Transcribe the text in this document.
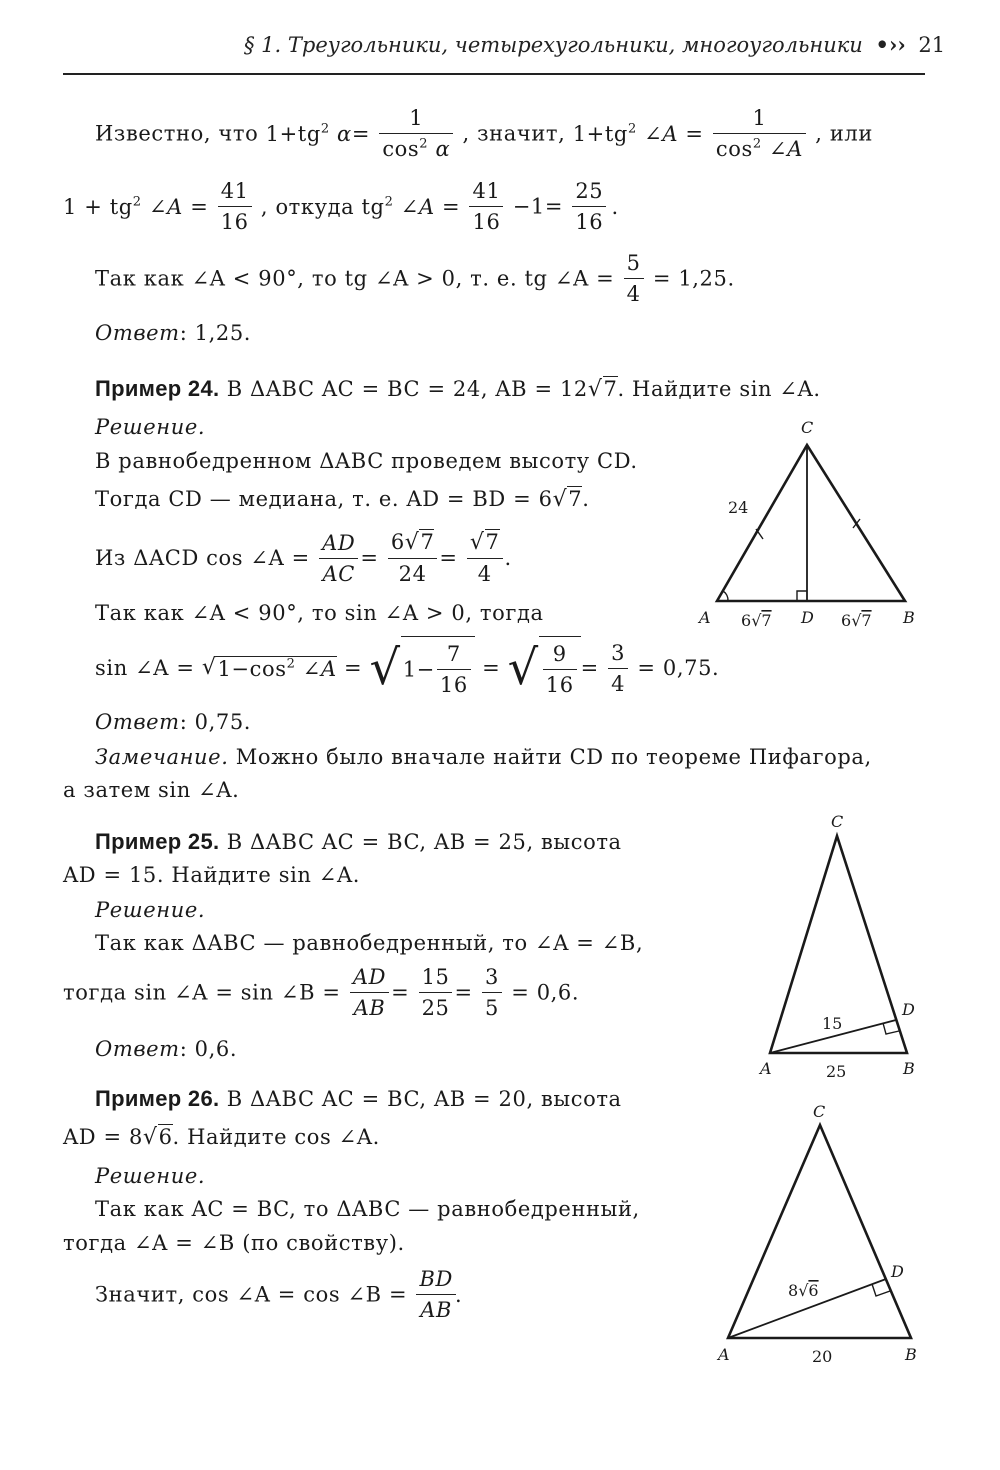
§ 1. Треугольники, четырехугольники, многоугольники •›› 21
Известно, что $1+tg^2$ $\alpha= \frac{1}{\cos^2 \alpha}$ , значит, $1+tg^2$ ∠A = $\frac{1}{\cos^2 \angle A}$ , или
$1 + tg^2$ ∠A = $\frac{41}{16}$ , откуда $tg^2$ ∠A = $\frac{41}{16} -1= \frac{25}{16}$ .
Так как ∠A < 90°, то tg ∠A > 0, т. е. tg ∠A = $\frac{5}{4} = 1,25$.
Ответ: 1,25.
Пример 24. В ΔABC AC = BC = 24, AB = 12√7. Найдите sin ∠A.
Решение.
В равнобедренном ΔABC проведем высоту CD.
Тогда CD — медиана, т. е. AD = BD = 6√7.
Из ΔACD cos ∠A = $\frac{AD}{AC} = \frac{6√7}{24} = \frac{√7}{4}$ .
Так как ∠A < 90°, то sin ∠A > 0, тогда
sin ∠A = $√1-\cos^2$ ∠A = $√1- \frac{7}{16}$ = √ $\frac{9}{16} = \frac{3}{4} = 0,75$.
Ответ: 0,75.
Замечание. Можно было вначале найти CD по теореме Пифагора,
а затем sin ∠A.
C
A	D	B
24
6√7	6√7
Пример 25. В ΔABC AC = BC, AB = 25, высота
AD = 15. Найдите sin ∠A.
Решение.
Так как ΔABC — равнобедренный, то ∠A = ∠B,
тогда sin ∠A = sin ∠B = $\frac{AD}{AB} = \frac{15}{25} = \frac{3}{5} = 0,6$.
Ответ: 0,6.
C
A
D
B
15
25
Пример 26. В ΔABC AC = BC, AB = 20, высота
AD = 8√6. Найдите cos ∠A.
Решение.
Так как AC = BC, то ΔABC — равнобедренный,
тогда ∠A = ∠B (по свойству).
Значит, cos ∠A = cos ∠B = $\frac{BD}{AB}$ .
C
A
D
B
8√6
20
